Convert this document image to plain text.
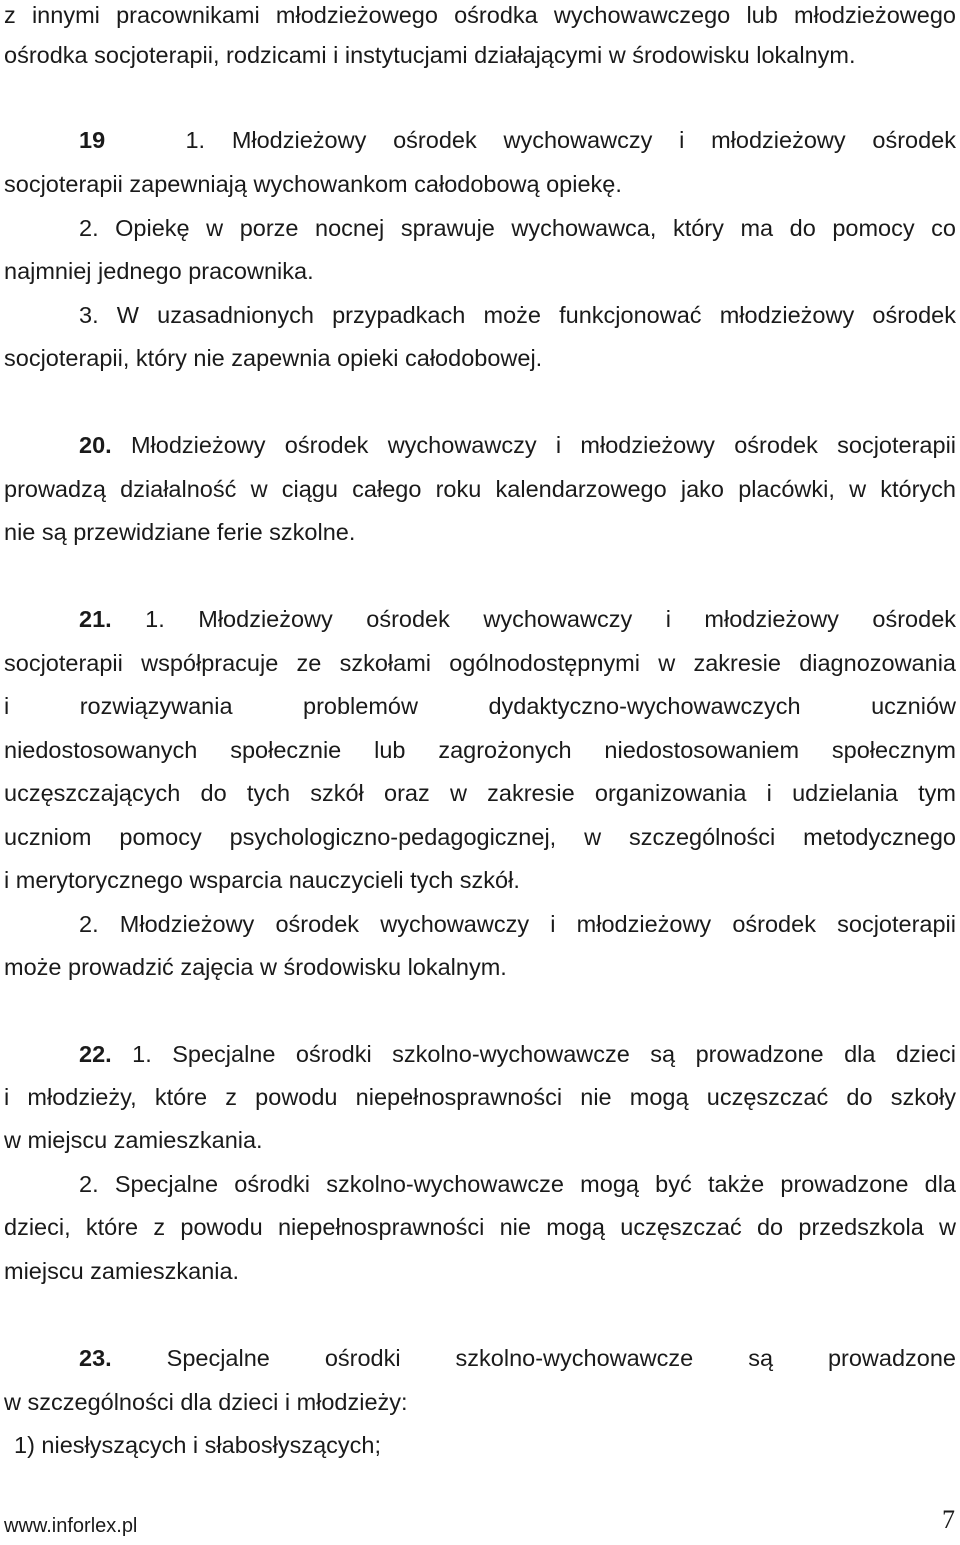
z innymi pracownikami młodzieżowego ośrodka wychowawczego lub młodzieżowego
ośrodka socjoterapii, rodzicami i instytucjami działającymi w środowisku lokalnym.
19	1. Młodzieżowy ośrodek wychowawczy i młodzieżowy ośrodek
socjoterapii zapewniają wychowankom całodobową opiekę.
2. Opiekę w porze nocnej sprawuje wychowawca, który ma do pomocy co
najmniej jednego pracownika.
3. W uzasadnionych przypadkach może funkcjonować młodzieżowy ośrodek
socjoterapii, który nie zapewnia opieki całodobowej.
20. Młodzieżowy ośrodek wychowawczy i młodzieżowy ośrodek socjoterapii
prowadzą działalność w ciągu całego roku kalendarzowego jako placówki, w których
nie są przewidziane ferie szkolne.
21. 1. Młodzieżowy ośrodek wychowawczy i młodzieżowy ośrodek
socjoterapii współpracuje ze szkołami ogólnodostępnymi w zakresie diagnozowania
i rozwiązywania problemów dydaktyczno-wychowawczych uczniów
niedostosowanych społecznie lub zagrożonych niedostosowaniem społecznym
uczęszczających do tych szkół oraz w zakresie organizowania i udzielania tym
uczniom pomocy psychologiczno-pedagogicznej, w szczególności metodycznego
i merytorycznego wsparcia nauczycieli tych szkół.
2. Młodzieżowy ośrodek wychowawczy i młodzieżowy ośrodek socjoterapii
może prowadzić zajęcia w środowisku lokalnym.
22. 1. Specjalne ośrodki szkolno-wychowawcze są prowadzone dla dzieci
i młodzieży, które z powodu niepełnosprawności nie mogą uczęszczać do szkoły
w miejscu zamieszkania.
2. Specjalne ośrodki szkolno-wychowawcze mogą być także prowadzone dla
dzieci, które z powodu niepełnosprawności nie mogą uczęszczać do przedszkola w
miejscu zamieszkania.
23. Specjalne ośrodki szkolno-wychowawcze są prowadzone
w szczególności dla dzieci i młodzieży:
1) niesłyszących i słabosłyszących;
www.inforlex.pl	7
